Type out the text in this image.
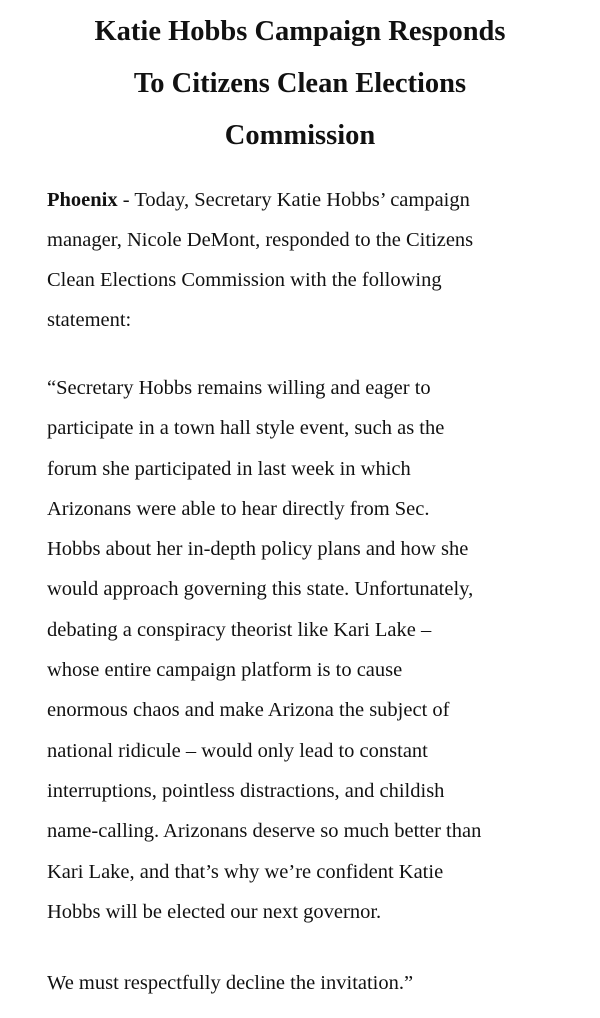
Katie Hobbs Campaign Responds
To Citizens Clean Elections
Commission
Phoenix - Today, Secretary Katie Hobbs’ campaign
manager, Nicole DeMont, responded to the Citizens
Clean Elections Commission with the following
statement:
“Secretary Hobbs remains willing and eager to
participate in a town hall style event, such as the
forum she participated in last week in which
Arizonans were able to hear directly from Sec.
Hobbs about her in-depth policy plans and how she
would approach governing this state. Unfortunately,
debating a conspiracy theorist like Kari Lake –
whose entire campaign platform is to cause
enormous chaos and make Arizona the subject of
national ridicule – would only lead to constant
interruptions, pointless distractions, and childish
name-calling. Arizonans deserve so much better than
Kari Lake, and that’s why we’re confident Katie
Hobbs will be elected our next governor.
We must respectfully decline the invitation.”
